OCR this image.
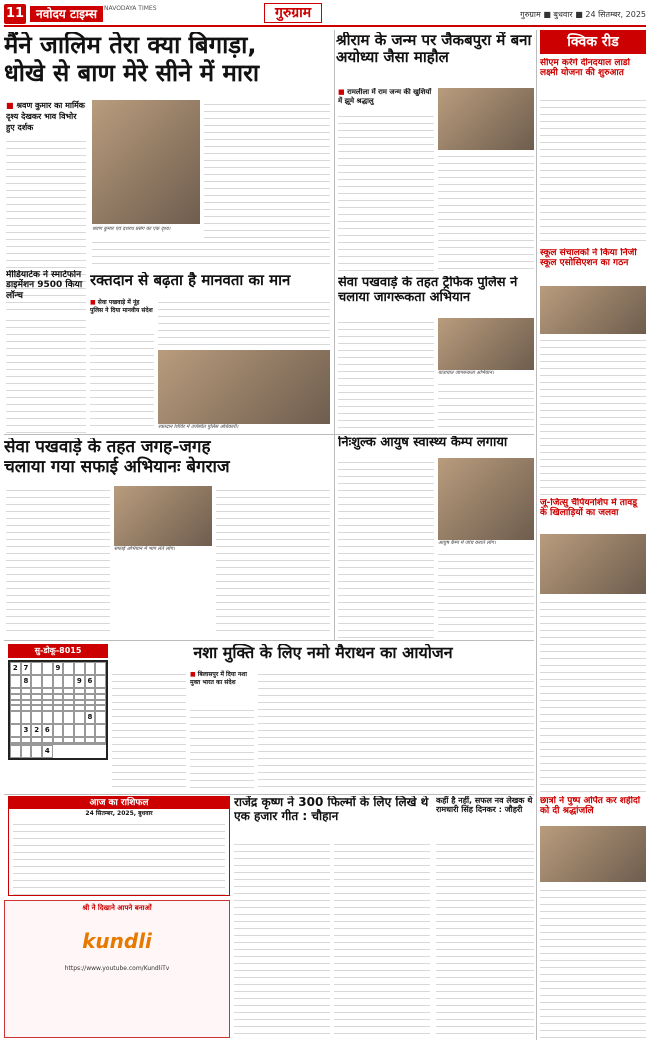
11 नवोदय टाइम्स	NAVODAYA TIMES	गुरुग्राम	गुरुग्राम ■ बुधवार ■ 24 सितम्बर, 2025
मैंने जालिम तेरा क्या बिगाड़ा,
धोखे से बाण मेरे सीने में मारा
■ श्रवण कुमार का मार्मिक दृश्य देखकर भाव विभोर हुए दर्शक
श्रवण कुमार एवं दशरथ प्रसंग का एक दृश्य।
श्रीराम के जन्म पर जैकबपुरा में बना अयोध्या जैसा माहौल
■ रामलीला में राम जन्म की खुशियों में झूमे श्रद्धालु
मीडियाटेक ने स्मार्टफोन डाइमेंशन 9500 किया लॉन्च
रक्तदान से बढ़ता है मानवता का मान
■ सेवा पखवाड़े में नूंह पुलिस ने दिया मानवीय संदेश
रक्तदान शिविर में उपस्थित पुलिस अधिकारी।
सेवा पखवाड़े के तहत ट्रैफिक पुलिस ने चलाया जागरूकता अभियान
यातायात जागरूकता अभियान।
सेवा पखवाड़े के तहत जगह-जगह
चलाया गया सफाई अभियानः बेगराज
सफाई अभियान में भाग लेते लोग।
निःशुल्क आयुष स्वास्थ्य कैम्प लगाया
आयुष कैम्प में जांच कराते लोग।
सु-डोकू-8015
2 7	9
8	9 6
8
3 2 6
4
नशा मुक्ति के लिए नमो मैराथन का आयोजन
■ बिलासपुर में दिया नशा मुक्त भारत का संदेश
राजेंद्र कृष्ण ने 300 फिल्मों के लिए लिखे थे एक हजार गीत : चौहान
कहीं है नहीं, सफल नव लेखक थे रामधारी सिंह दिनकर : जौहरी
आज का राशिफल
24 सितम्बर, 2025, बुधवार
श्री नेे दिखाने आपने बनाओं
kundli
https://www.youtube.com/KundliTv
क्विक रीड
सीएम करेंगे दीनदयाल लाडो लक्ष्मी योजना की शुरुआत
स्कूल संचालकों ने किया निजी स्कूल एसोसिएशन का गठन
जू-जित्सु चैंपियनशिप में तावडू के खिलाड़ियों का जलवा
छात्रों ने पुष्प अर्पित कर शहीदों को दी श्रद्धांजलि
